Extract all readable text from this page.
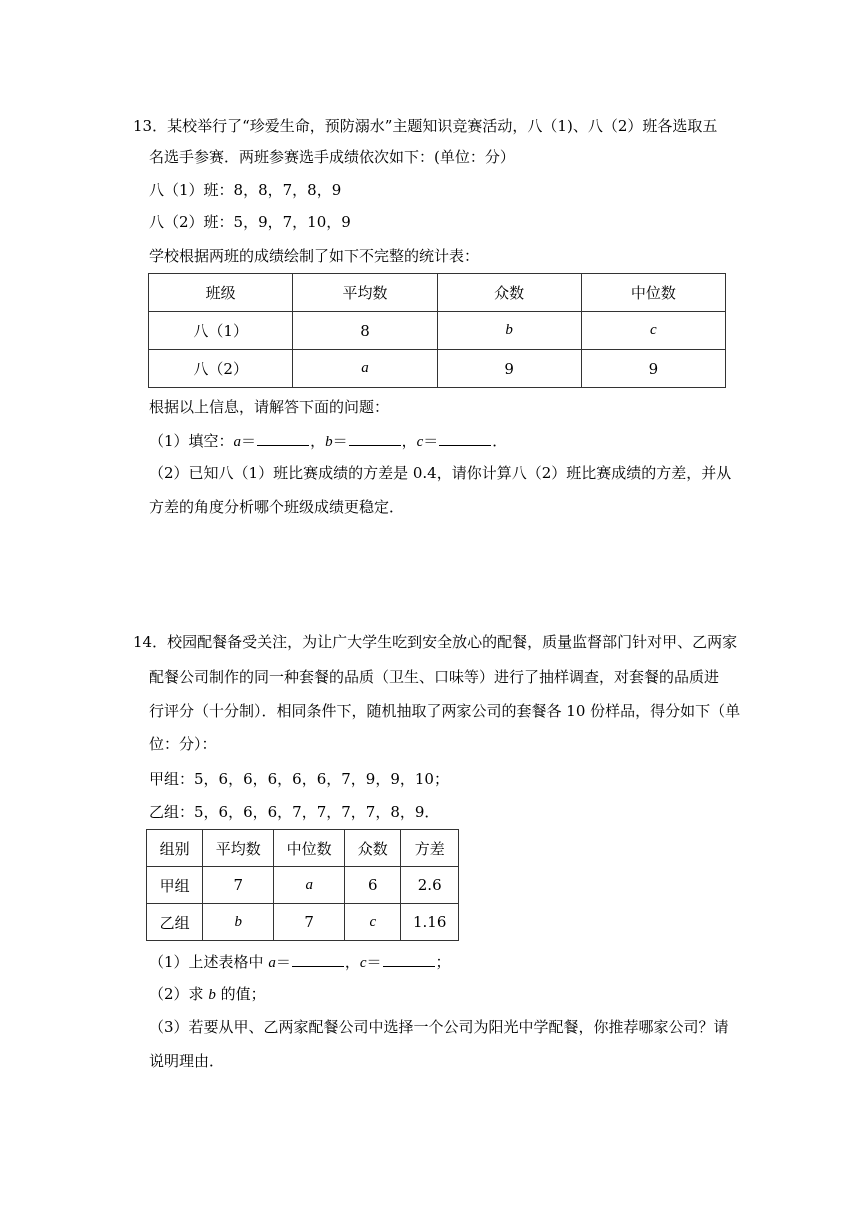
13．某校举行了“珍爱生命，预防溺水”主题知识竞赛活动，八（1)、八（2）班各选取五
名选手参赛．两班参赛选手成绩依次如下：(单位：分）
八（1）班：8，8，7，8，9
八（2）班：5，9，7，10，9
学校根据两班的成绩绘制了如下不完整的统计表：
班级	平均数	众数	中位数
八（1）	8	b	c
八（2）	a	9	9
根据以上信息，请解答下面的问题：
（1）填空：a＝	，b＝	，c＝	．
（2）已知八（1）班比赛成绩的方差是 0.4，请你计算八（2）班比赛成绩的方差，并从
方差的角度分析哪个班级成绩更稳定．
14．校园配餐备受关注，为让广大学生吃到安全放心的配餐，质量监督部门针对甲、乙两家
配餐公司制作的同一种套餐的品质（卫生、口味等）进行了抽样调查，对套餐的品质进
行评分（十分制）．相同条件下，随机抽取了两家公司的套餐各 10 份样品，得分如下（单
位：分）：
甲组：5，6，6，6，6，6，7，9，9，10；
乙组：5，6，6，6，7，7，7，7，8，9．
组别	平均数	中位数	众数	方差
甲组	7	a	6	2.6
乙组	b	7	c	1.16
（1）上述表格中 a＝	，c＝	；
（2）求 b 的值；
（3）若要从甲、乙两家配餐公司中选择一个公司为阳光中学配餐，你推荐哪家公司？请
说明理由．
